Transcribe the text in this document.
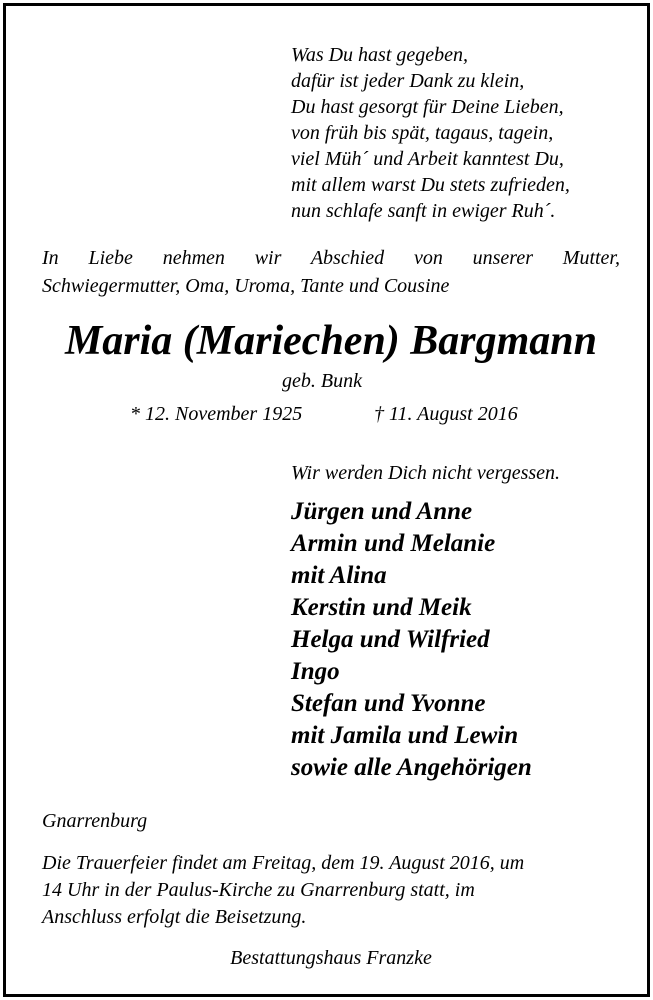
Was Du hast gegeben,
dafür ist jeder Dank zu klein,
Du hast gesorgt für Deine Lieben,
von früh bis spät, tagaus, tagein,
viel Müh´ und Arbeit kanntest Du,
mit allem warst Du stets zufrieden,
nun schlafe sanft in ewiger Ruh´.
In Liebe nehmen wir Abschied von unserer Mutter,
Schwiegermutter, Oma, Uroma, Tante und Cousine
Maria (Mariechen) Bargmann
geb. Bunk
* 12. November 1925	† 11. August 2016
Wir werden Dich nicht vergessen.
Jürgen und Anne
Armin und Melanie
mit Alina
Kerstin und Meik
Helga und Wilfried
Ingo
Stefan und Yvonne
mit Jamila und Lewin
sowie alle Angehörigen
Gnarrenburg
Die Trauerfeier findet am Freitag, dem 19. August 2016, um
14 Uhr in der Paulus-Kirche zu Gnarrenburg statt, im
Anschluss erfolgt die Beisetzung.
Bestattungshaus Franzke
